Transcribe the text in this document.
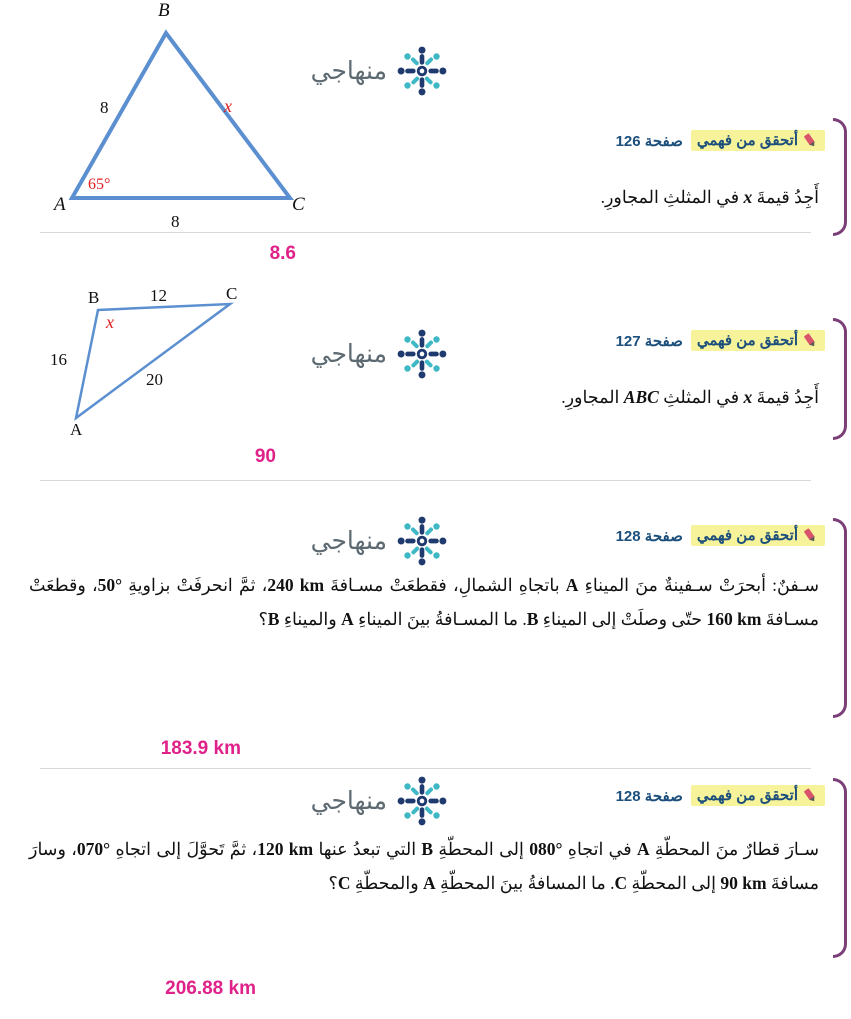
أتحقق من فهمي
صفحة 126
أَجِدُ قيمةَ x في المثلثِ المجاورِ.
8.6
منهاجي
B
A	C
8
8
x
65°
أتحقق من فهمي
صفحة 127
أَجِدُ قيمةَ x في المثلثِ ABC المجاورِ.
90
منهاجي
B	C
A
12
16
20
x
أتحقق من فهمي
صفحة 128
منهاجي
سـفنٌ: أبحرَتْ سـفينةٌ منَ الميناءِ A باتجاهِ الشمالِ، فقطعَتْ مسـافةَ 240 km، ثمَّ انحرفَتْ بزاويةِ 50°، وقطعَتْ مسـافةَ 160 km حتّى وصلَتْ إلى الميناءِ B. ما المسـافةُ بينَ الميناءِ A والميناءِ B؟
183.9 km
أتحقق من فهمي
صفحة 128
منهاجي
سـارَ قطارٌ منَ المحطّةِ A في اتجاهِ 080° إلى المحطّةِ B التي تبعدُ عنها 120 km، ثمَّ تَحوَّلَ إلى اتجاهِ 070°، وسارَ مسافةَ 90 km إلى المحطّةِ C. ما المسافةُ بينَ المحطّةِ A والمحطّةِ C؟
206.88 km
